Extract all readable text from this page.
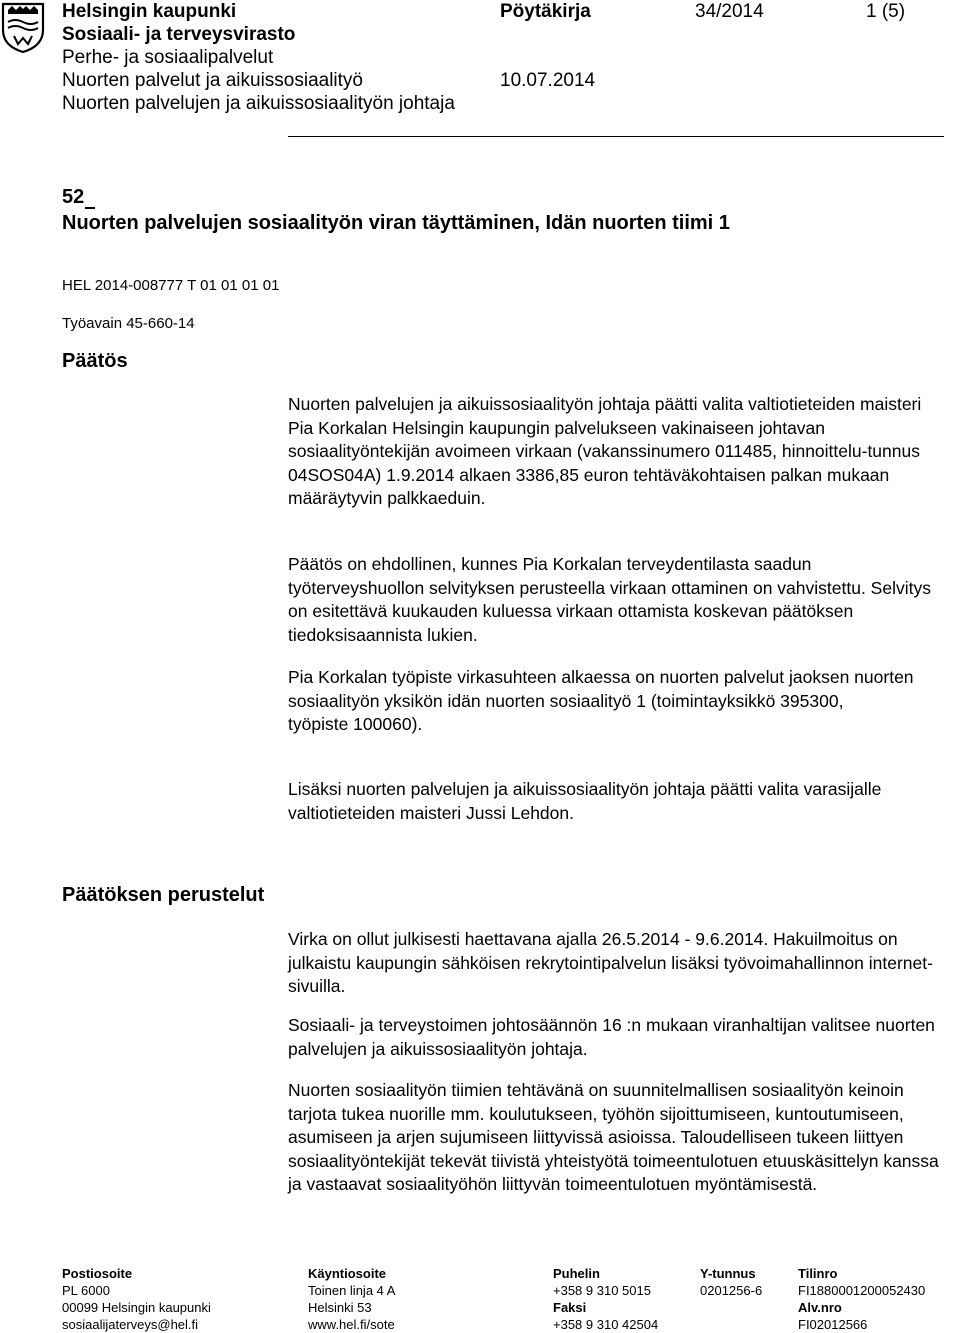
Helsingin kaupunki	Pöytäkirja	34/2014	1 (5)
Sosiaali- ja terveysvirasto
Perhe- ja sosiaalipalvelut
Nuorten palvelut ja aikuissosiaalityö	10.07.2014
Nuorten palvelujen ja aikuissosiaalityön johtaja
52
Nuorten palvelujen sosiaalityön viran täyttäminen, Idän nuorten tiimi 1
HEL 2014-008777 T 01 01 01 01
Työavain 45-660-14
Päätös

Nuorten palvelujen ja aikuissosiaalityön johtaja päätti valita valtiotieteiden maisteri Pia Korkalan Helsingin kaupungin palvelukseen vakinaiseen johtavan sosiaalityöntekijän avoimeen virkaan (vakanssinumero 011485, hinnoittelu-tunnus 04SOS04A) 1.9.2014 alkaen 3386,85 euron tehtäväkohtaisen palkan mukaan määräytyvin palkkaeduin.

Päätös on ehdollinen, kunnes Pia Korkalan terveydentilasta saadun työterveyshuollon selvityksen perusteella virkaan ottaminen on vahvistettu. Selvitys on esitettävä kuukauden kuluessa virkaan ottamista koskevan päätöksen tiedoksisaannista lukien.

Pia Korkalan työpiste virkasuhteen alkaessa on nuorten palvelut jaoksen nuorten sosiaalityön yksikön idän nuorten sosiaalityö 1 (toimintayksikkö 395300,
työpiste 100060).

Lisäksi nuorten palvelujen ja aikuissosiaalityön johtaja päätti valita varasijalle valtiotieteiden maisteri Jussi Lehdon.

Päätöksen perustelut

Virka on ollut julkisesti haettavana ajalla 26.5.2014 - 9.6.2014. Hakuilmoitus on julkaistu kaupungin sähköisen rekrytointipalvelun lisäksi työvoimahallinnon internet-sivuilla.

Sosiaali- ja terveystoimen johtosäännön 16 :n mukaan viranhaltijan valitsee nuorten palvelujen ja aikuissosiaalityön johtaja.

Nuorten sosiaalityön tiimien tehtävänä on suunnitelmallisen sosiaalityön keinoin tarjota tukea nuorille mm. koulutukseen, työhön sijoittumiseen, kuntoutumiseen, asumiseen ja arjen sujumiseen liittyvissä asioissa. Taloudelliseen tukeen liittyen sosiaalityöntekijät tekevät tiivistä yhteistyötä toimeentulotuen etuuskäsittelyn kanssa ja vastaavat sosiaalityöhön liittyvän toimeentulotuen myöntämisestä.

Postiosoite
PL 6000
00099 Helsingin kaupunki
sosiaalijaterveys@hel.fi
Käyntiosoite
Toinen linja 4 A
Helsinki 53
www.hel.fi/sote
Puhelin
+358 9 310 5015
Faksi
+358 9 310 42504
Y-tunnus
0201256-6
Tilinro
FI1880001200052430
Alv.nro
FI02012566
